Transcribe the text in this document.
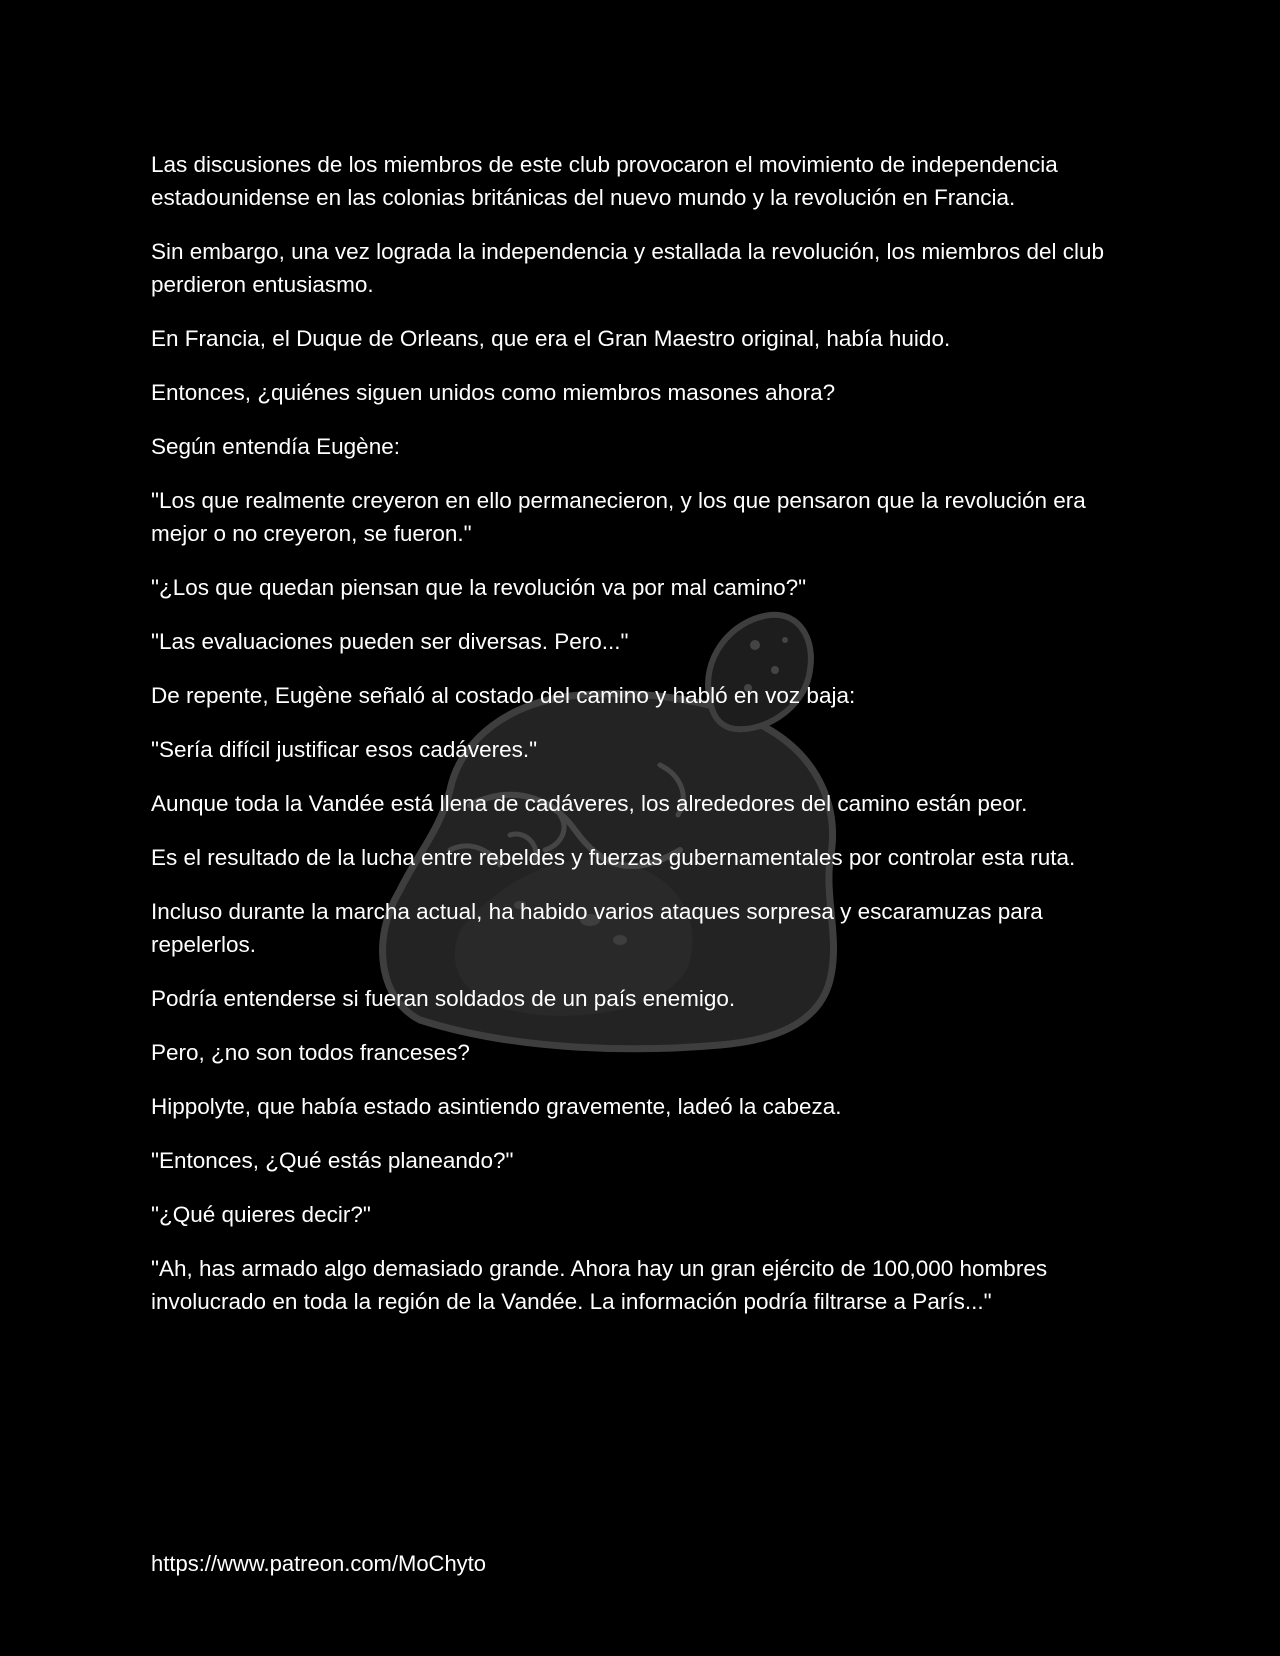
Las discusiones de los miembros de este club provocaron el movimiento de independencia estadounidense en las colonias británicas del nuevo mundo y la revolución en Francia.

Sin embargo, una vez lograda la independencia y estallada la revolución, los miembros del club perdieron entusiasmo.

En Francia, el Duque de Orleans, que era el Gran Maestro original, había huido.

Entonces, ¿quiénes siguen unidos como miembros masones ahora?

Según entendía Eugène:

"Los que realmente creyeron en ello permanecieron, y los que pensaron que la revolución era mejor o no creyeron, se fueron."

"¿Los que quedan piensan que la revolución va por mal camino?"

"Las evaluaciones pueden ser diversas. Pero..."

De repente, Eugène señaló al costado del camino y habló en voz baja:

"Sería difícil justificar esos cadáveres."

Aunque toda la Vandée está llena de cadáveres, los alrededores del camino están peor.

Es el resultado de la lucha entre rebeldes y fuerzas gubernamentales por controlar esta ruta.

Incluso durante la marcha actual, ha habido varios ataques sorpresa y escaramuzas para repelerlos.

Podría entenderse si fueran soldados de un país enemigo.

Pero, ¿no son todos franceses?

Hippolyte, que había estado asintiendo gravemente, ladeó la cabeza.

"Entonces, ¿Qué estás planeando?"

"¿Qué quieres decir?"

"Ah, has armado algo demasiado grande. Ahora hay un gran ejército de 100,000 hombres involucrado en toda la región de la Vandée. La información podría filtrarse a París..."

https://www.patreon.com/MoChyto
